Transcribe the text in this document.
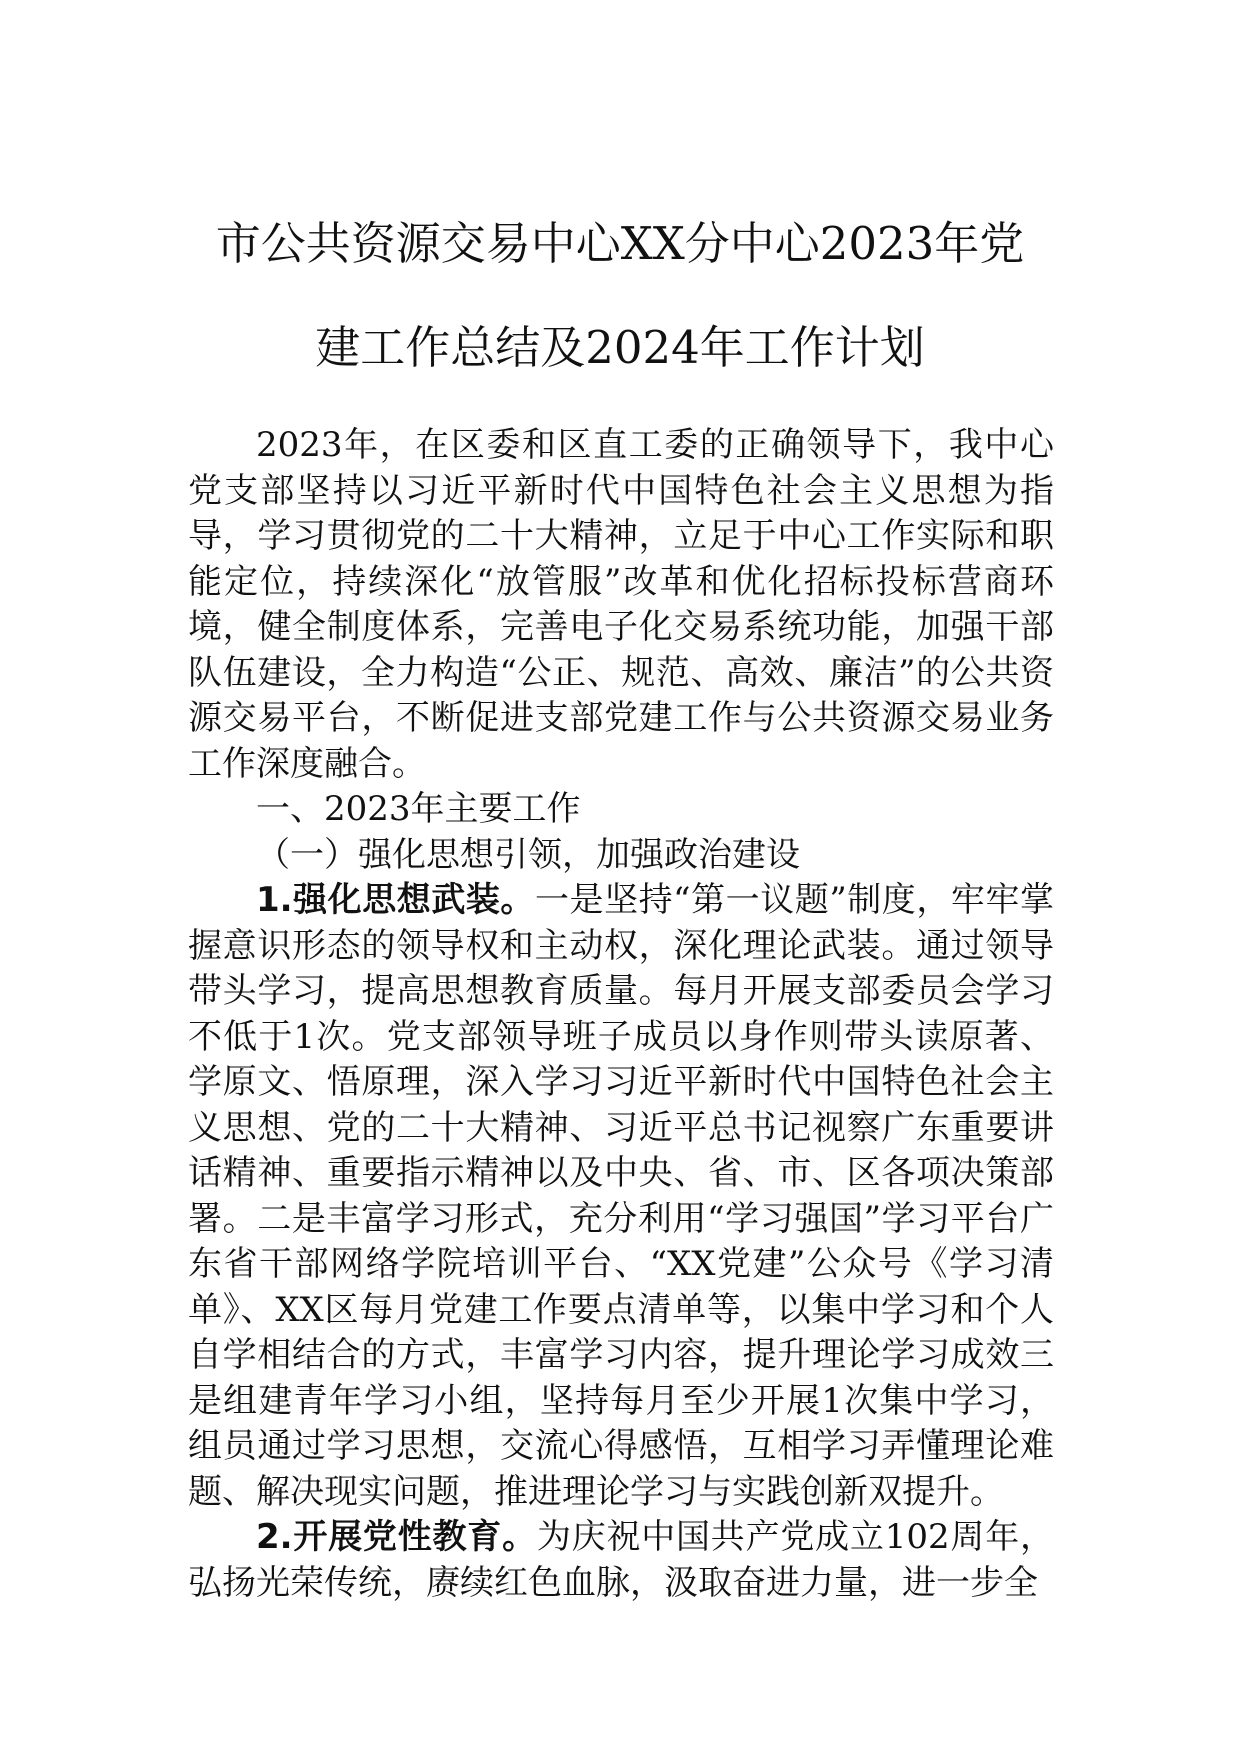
市公共资源交易中心XX分中心2023年党
建工作总结及2024年工作计划

2023年，在区委和区直工委的正确领导下，我中心党支部坚持以习近平新时代中国特色社会主义思想为指导，学习贯彻党的二十大精神，立足于中心工作实际和职能定位，持续深化“放管服”改革和优化招标投标营商环境，健全制度体系，完善电子化交易系统功能，加强干部队伍建设，全力构造“公正、规范、高效、廉洁”的公共资源交易平台，不断促进支部党建工作与公共资源交易业务工作深度融合。

一、2023年主要工作

（一）强化思想引领，加强政治建设

1.强化思想武装。一是坚持“第一议题”制度，牢牢掌握意识形态的领导权和主动权，深化理论武装。通过领导带头学习，提高思想教育质量。每月开展支部委员会学习不低于1次。党支部领导班子成员以身作则带头读原著、学原文、悟原理，深入学习习近平新时代中国特色社会主义思想、党的二十大精神、习近平总书记视察广东重要讲话精神、重要指示精神以及中央、省、市、区各项决策部署。二是丰富学习形式，充分利用“学习强国”学习平台广东省干部网络学院培训平台、“XX党建”公众号《学习清单》、XX区每月党建工作要点清单等，以集中学习和个人自学相结合的方式，丰富学习内容，提升理论学习成效三是组建青年学习小组，坚持每月至少开展1次集中学习，组员通过学习思想，交流心得感悟，互相学习弄懂理论难题、解决现实问题，推进理论学习与实践创新双提升。

2.开展党性教育。为庆祝中国共产党成立102周年，弘扬光荣传统，赓续红色血脉，汲取奋进力量，进一步全
